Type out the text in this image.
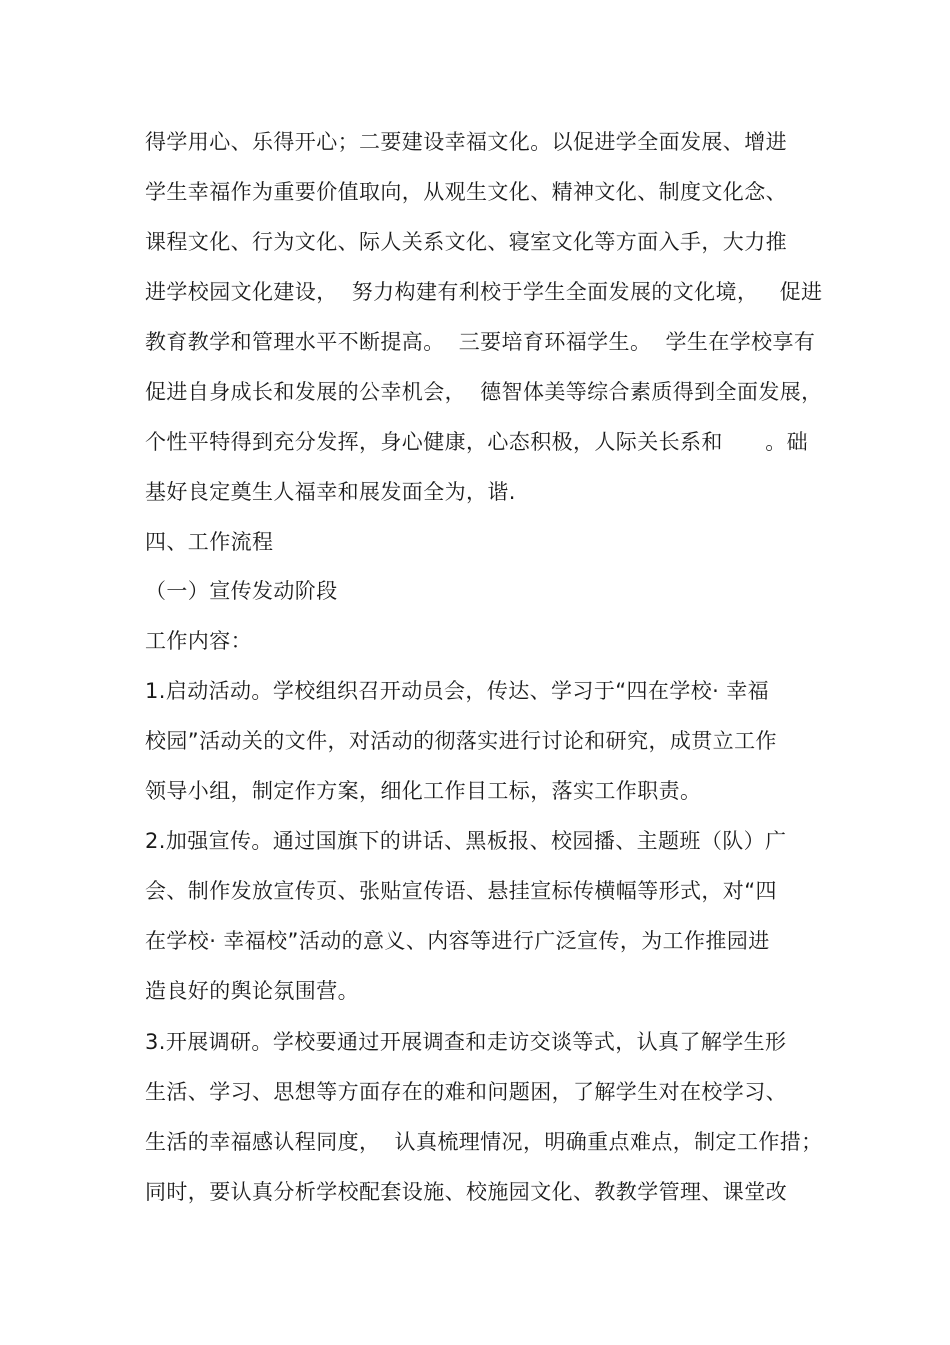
得学用心、乐得开心；二要建设幸福文化。以促进学全面发展、增进
学生幸福作为重要价值取向，从观生文化、精神文化、制度文化念、
课程文化、行为文化、际人关系文化、寝室文化等方面入手，大力推
进学校园文化建设，  努力构建有利校于学生全面发展的文化境，   促进
教育教学和管理水平不断提高。  三要培育环福学生。  学生在学校享有
促进自身成长和发展的公幸机会，  德智体美等综合素质得到全面发展，
个性平特得到充分发挥，身心健康，心态积极，人际关长系和      。础
基好良定奠生人福幸和展发面全为，谐.
四、工作流程
（一）宣传发动阶段
工作内容：
1.启动活动。学校组织召开动员会，传达、学习于“四在学校· 幸福
校园”活动关的文件，对活动的彻落实进行讨论和研究，成贯立工作
领导小组，制定作方案，细化工作目工标，落实工作职责。
2.加强宣传。通过国旗下的讲话、黑板报、校园播、主题班（队）广
会、制作发放宣传页、张贴宣传语、悬挂宣标传横幅等形式，对“四
在学校· 幸福校”活动的意义、内容等进行广泛宣传，为工作推园进
造良好的舆论氛围营。
3.开展调研。学校要通过开展调查和走访交谈等式，认真了解学生形
生活、学习、思想等方面存在的难和问题困，了解学生对在校学习、
生活的幸福感认程同度，  认真梳理情况，明确重点难点，制定工作措；
同时，要认真分析学校配套设施、校施园文化、教教学管理、课堂改
